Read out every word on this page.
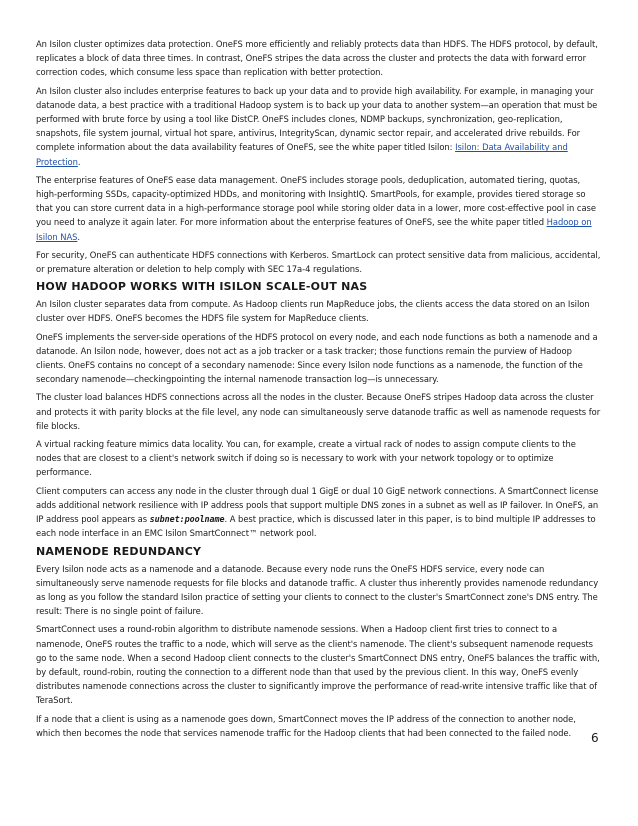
An Isilon cluster optimizes data protection. OneFS more efficiently and reliably protects data than HDFS. The HDFS protocol, by default, replicates a block of data three times. In contrast, OneFS stripes the data across the cluster and protects the data with forward error correction codes, which consume less space than replication with better protection.

An Isilon cluster also includes enterprise features to back up your data and to provide high availability. For example, in managing your datanode data, a best practice with a traditional Hadoop system is to back up your data to another system—an operation that must be performed with brute force by using a tool like DistCP. OneFS includes clones, NDMP backups, synchronization, geo-replication, snapshots, file system journal, virtual hot spare, antivirus, IntegrityScan, dynamic sector repair, and accelerated drive rebuilds. For complete information about the data availability features of OneFS, see the white paper titled Isilon: Isilon: Data Availability and Protection.

The enterprise features of OneFS ease data management. OneFS includes storage pools, deduplication, automated tiering, quotas, high-performing SSDs, capacity-optimized HDDs, and monitoring with InsightIQ. SmartPools, for example, provides tiered storage so that you can store current data in a high-performance storage pool while storing older data in a lower, more cost-effective pool in case you need to analyze it again later. For more information about the enterprise features of OneFS, see the white paper titled Hadoop on Isilon NAS.

For security, OneFS can authenticate HDFS connections with Kerberos. SmartLock can protect sensitive data from malicious, accidental, or premature alteration or deletion to help comply with SEC 17a-4 regulations.

HOW HADOOP WORKS WITH ISILON SCALE-OUT NAS

An Isilon cluster separates data from compute. As Hadoop clients run MapReduce jobs, the clients access the data stored on an Isilon cluster over HDFS. OneFS becomes the HDFS file system for MapReduce clients.

OneFS implements the server-side operations of the HDFS protocol on every node, and each node functions as both a namenode and a datanode. An Isilon node, however, does not act as a job tracker or a task tracker; those functions remain the purview of Hadoop clients. OneFS contains no concept of a secondary namenode: Since every Isilon node functions as a namenode, the function of the secondary namenode—checkingpointing the internal namenode transaction log—is unnecessary.

The cluster load balances HDFS connections across all the nodes in the cluster. Because OneFS stripes Hadoop data across the cluster and protects it with parity blocks at the file level, any node can simultaneously serve datanode traffic as well as namenode requests for file blocks.

A virtual racking feature mimics data locality. You can, for example, create a virtual rack of nodes to assign compute clients to the nodes that are closest to a client's network switch if doing so is necessary to work with your network topology or to optimize performance.

Client computers can access any node in the cluster through dual 1 GigE or dual 10 GigE network connections. A SmartConnect license adds additional network resilience with IP address pools that support multiple DNS zones in a subnet as well as IP failover. In OneFS, an IP address pool appears as subnet:poolname. A best practice, which is discussed later in this paper, is to bind multiple IP addresses to each node interface in an EMC Isilon SmartConnect™ network pool.

NAMENODE REDUNDANCY

Every Isilon node acts as a namenode and a datanode. Because every node runs the OneFS HDFS service, every node can simultaneously serve namenode requests for file blocks and datanode traffic. A cluster thus inherently provides namenode redundancy as long as you follow the standard Isilon practice of setting your clients to connect to the cluster's SmartConnect zone's DNS entry. The result: There is no single point of failure.

SmartConnect uses a round-robin algorithm to distribute namenode sessions. When a Hadoop client first tries to connect to a namenode, OneFS routes the traffic to a node, which will serve as the client's namenode. The client's subsequent namenode requests go to the same node. When a second Hadoop client connects to the cluster's SmartConnect DNS entry, OneFS balances the traffic with, by default, round-robin, routing the connection to a different node than that used by the previous client. In this way, OneFS evenly distributes namenode connections across the cluster to significantly improve the performance of read-write intensive traffic like that of TeraSort.

If a node that a client is using as a namenode goes down, SmartConnect moves the IP address of the connection to another node, which then becomes the node that services namenode traffic for the Hadoop clients that had been connected to the failed node.	6
